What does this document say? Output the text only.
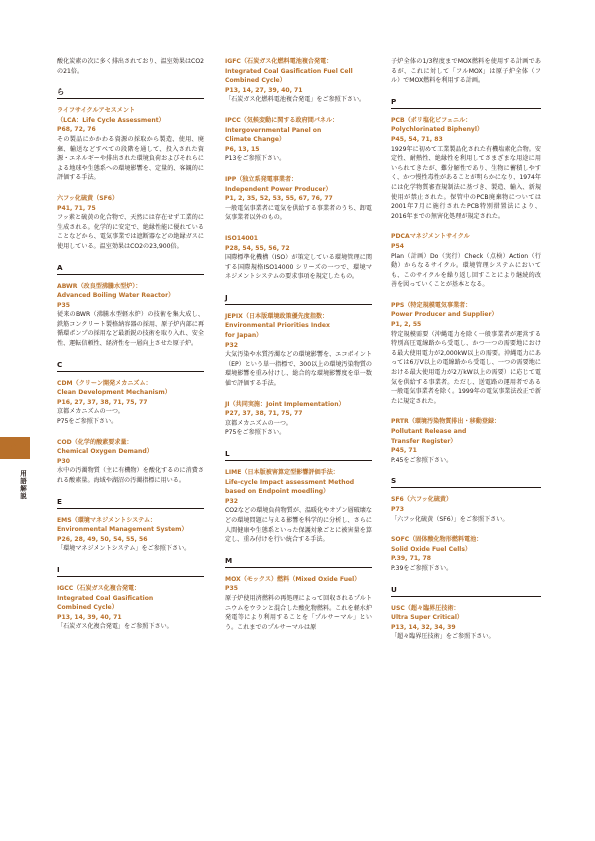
酸化炭素の次に多く排出されており、温室効果はCO2の21倍。
ら
ライフサイクルアセスメント
（LCA：Life Cycle Assessment）
P68, 72, 76
その製品にかかわる資源の採取から製造、使用、廃棄、輸送などすべての段階を通して、投入された資源・エネルギーや排出された環境負荷およびそれらによる地球や生態系への環境影響を、定量的、客観的に評価する手法。
六フッ化硫黄（SF6）
P41, 71, 75
フッ素と硫黄の化合物で、天然には存在せず工業的に生成される。化学的に安定で、絶縁性能に優れていることなどから、電気事業では遮断器などの絶縁ガスに使用している。温室効果はCO2の23,900倍。
A
ABWR（改良型沸騰水型炉）：
Advanced Boiling Water Reactor）
P35
従来のBWR（沸騰水型軽水炉）の技術を集大成し、鉄筋コンクリート製格納容器の採用、原子炉内部に再循環ポンプの採用など最新鋭の技術を取り入れ、安全性、運転信頼性、経済性を一層向上させた原子炉。
C
CDM（クリーン開発メカニズム：
Clean Development Mechanism）
P16, 27, 37, 38, 71, 75, 77
京都メカニズムの一つ。
P75をご参照下さい。
COD（化学的酸素要求量：
Chemical Oxygen Demand）
P30
水中の汚濁物質（主に有機物）を酸化するのに消費される酸素量。海域や湖沼の汚濁指標に用いる。
E
EMS（環境マネジメントシステム：
Environmental Management System）
P26, 28, 49, 50, 54, 55, 56
「環境マネジメントシステム」をご参照下さい。
I
IGCC（石炭ガス化複合発電：
Integrated Coal Gasification
Combined Cycle）
P13, 14, 39, 40, 71
「石炭ガス化複合発電」をご参照下さい。
IGFC（石炭ガス化燃料電池複合発電：
Integrated Coal Gasification Fuel Cell
Combined Cycle）
P13, 14, 27, 39, 40, 71
「石炭ガス化燃料電池複合発電」をご参照下さい。
IPCC（気候変動に関する政府間パネル：
Intergovernmental Panel on
Climate Change）
P6, 13, 15
P13をご参照下さい。
IPP（独立系発電事業者：
Independent Power Producer）
P1, 2, 35, 52, 53, 55, 67, 76, 77
一般電気事業者に電気を供給する事業者のうち、卸電気事業者以外のもの。
ISO14001
P28, 54, 55, 56, 72
国際標準化機構（ISO）が策定している環境管理に関する国際規格ISO14000 シリーズの一つで、環境マネジメントシステムの要求事項を規定したもの。
J
JEPIX（日本版環境政策優先度指数：
Environmental Priorities Index
for Japan）
P32
大気汚染や水質汚濁などの環境影響を、エコポイント（EP）という単一指標で、300以上の環境汚染物質の環境影響を重み付けし、総合的な環境影響度を単一数値で評価する手法。
JI（共同実施：Joint Implementation）
P27, 37, 38, 71, 75, 77
京都メカニズムの一つ。
P75をご参照下さい。
L
LIME（日本版被害算定型影響評価手法：
Life-cycle Impact assessment Method
based on Endpoint moedling）
P32
CO2などの環境負荷物質が、温暖化やオゾン層破壊などの環境問題に与える影響を科学的に分析し、さらに人間健康や生態系といった保護対象ごとに被害量を算定し、重み付けを行い統合する手法。
M
MOX（モックス）燃料（Mixed Oxide Fuel）
P35
原子炉使用済燃料の再処理によって回収されるプルトニウムをウランと混合した酸化物燃料。これを軽水炉発電等により利用することを「プルサーマル」という。これまでのプルサーマルは原
子炉全体の1/3程度までMOX燃料を使用する計画であるが、これに対して「フルMOX」は原子炉全体（フル）でMOX燃料を利用する計画。
P
PCB（ポリ塩化ビフェニル：
Polychlorinated Biphenyl）
P45, 54, 71, 83
1929年に初めて工業製品化された有機塩素化合物。安定性、耐熱性、絶縁性を利用してさまざまな用途に用いられてきたが、難分解性であり、生物に蓄積しやすく、かつ慢性毒性があることが明らかになり、1974年には化学物質審査規制法に基づき、製造、輸入、新規使用が禁止された。保管中のPCB廃棄物については2001年7月に施行されたPCB特別措置法により、2016年までの無害化処理が規定された。
PDCAマネジメントサイクル
P54
Plan（計画）Do（実行）Check（点検）Action（行動）からなるサイクル。環境管理システムにおいても、このサイクルを繰り返し回すことにより継続的改善を図っていくことが基本となる。
PPS（特定規模電気事業者：
Power Producer and Supplier）
P1, 2, 55
特定規模需要（沖縄電力を除く一般事業者が運営する特別高圧電線路から受電し、かつ一つの需要地における最大使用電力が2,000kW以上の需要。沖縄電力にあっては6万V以上の電線路から受電し、一つの需要地における最大使用電力が2万kW以上の需要）に応じて電気を供給する事業者。ただし、送電路の運用者である一般電気事業者を除く。1999年の電気事業法改正で新たに規定された。
PRTR（環境汚染物質排出・移動登録：
Pollutant Release and
Transfer Register）
P45, 71
P.45をご参照下さい。
S
SF6（六フッ化硫黄）
P73
「六フッ化硫黄（SF6）」をご参照下さい。
SOFC（固体酸化物形燃料電池：
Solid Oxide Fuel Cells）
P.39, 71, 78
P.39をご参照下さい。
U
USC（超々臨界圧技術：
Ultra Super Critical）
P13, 14, 32, 34, 39
「超々臨界圧技術」をご参照下さい。
81
用語解説
